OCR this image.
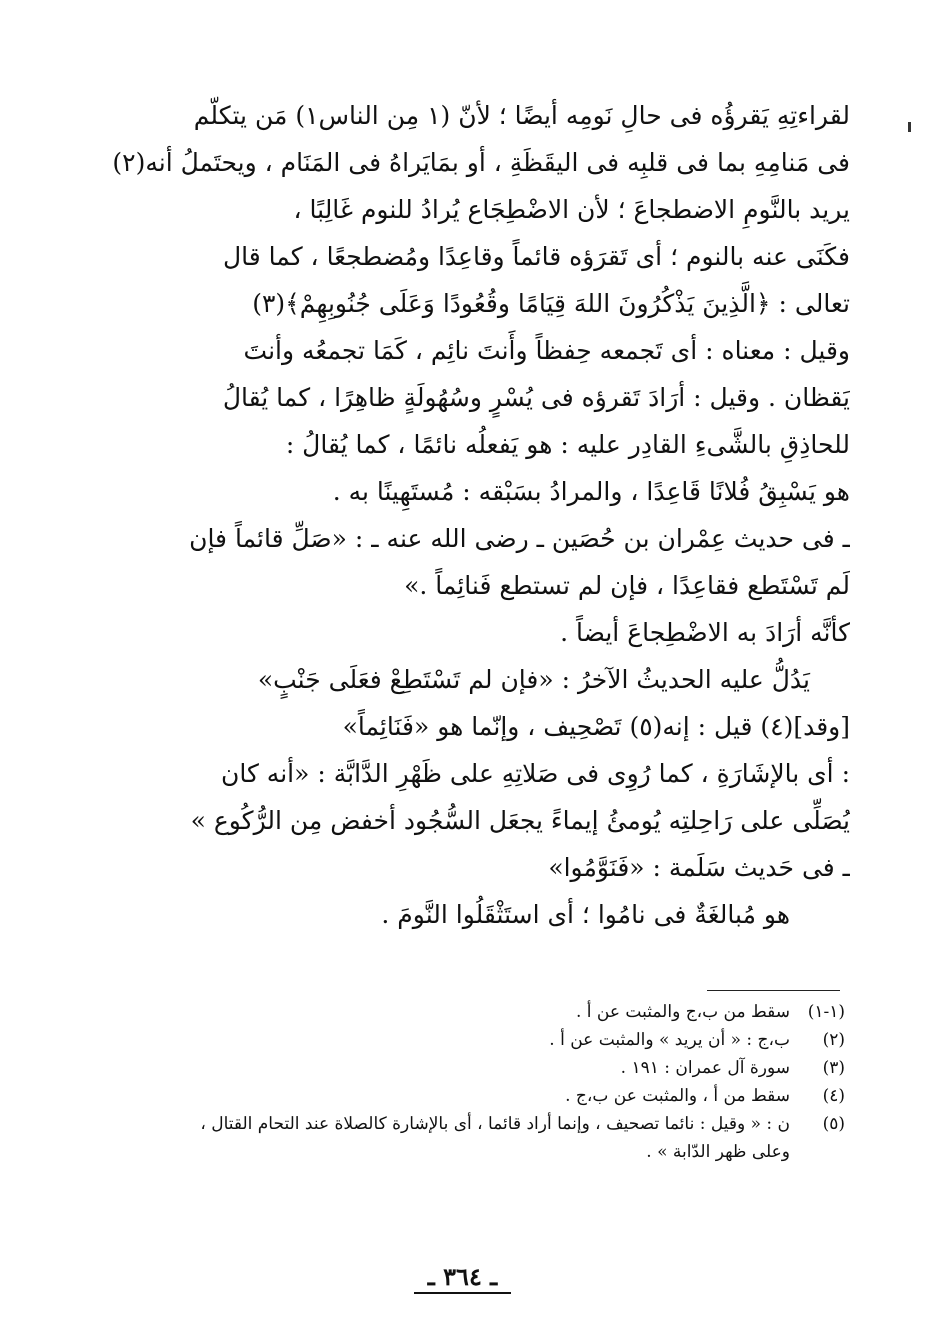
لقراءتِهِ يَقرؤُه فى حالِ نَومِه أيضًا ؛ لأنّ (١ مِن الناس١) مَن يتكلّم
فى مَنامِهِ بما فى قلبِه فى اليقَظَةِ ، أو بمَايَراهُ فى المَنَام ، ويحتَملُ أنه(٢)
يريد بالنَّومِ الاضطجاعَ ؛ لأن الاضْطِجَاع يُرادُ للنوم غَالِبًا ،
فكَنَى عنه بالنوم ؛ أى تَقرَؤه قائماً وقاعِدًا ومُضطجعًا ، كما قال
تعالى : ﴿الَّذِينَ يَذْكُرُونَ اللهَ قِيَامًا وقُعُودًا وَعَلَى جُنُوبِهِمْ﴾(٣)
وقيل : معناه : أى تَجمعه حِفظاً وأَنتَ نائِم ، كَمَا تجمعُه وأنتَ
يَقظان . وقيل : أرَادَ تَقرؤه فى يُسْرٍ وسُهُولَةٍ ظاهِرًا ، كما يُقالُ
للحاذِقِ بالشَّىءِ القادِر عليه : هو يَفعلُه نائمًا ، كما يُقالُ :
هو يَسْبِقُ فُلانًا قَاعِدًا ، والمرادُ بسَبْقه : مُستَهِينًا به .
ـ فى حديث عِمْران بن حُصَين ـ رضى الله عنه ـ : «صَلِّ قائماً فإن
لَم تَسْتَطع فقاعِدًا ، فإن لم تستطع فَنائِماً .»
كأنَّه أرَادَ به الاضْطِجاعَ أيضاً .
يَدُلُّ عليه الحديثُ الآخرُ : «فإن لم تَسْتَطِعْ فعَلَى جَنْبٍ»
[وقد](٤) قيل : إنه(٥) تَصْحِيف ، وإنّما هو «فَنَائِماً»
: أى بالإشَارَةِ ، كما رُوِى فى صَلاتِهِ على ظَهْرِ الدَّابَّة : «أنه كان
يُصَلِّى على رَاحِلتِه يُومئُ إيماءً يجعَل السُّجُود أخفض مِن الرُّكُوع »
ـ فى حَديث سَلَمة : «فَنَوَّمُوا»
هو مُبالغَةٌ فى نامُوا ؛ أى استَثْقَلُوا النَّومَ .
(١-١)
سقط من ب،ج والمثبت عن أ .
(٢)
ب،ج : « أن يريد » والمثبت عن أ .
(٣)
سورة آل عمران : ١٩١ .
(٤)
سقط من أ ، والمثبت عن ب،ج .
(٥)
ن : « وقيل : نائما تصحيف ، وإنما أراد قائما ، أى بالإشارة كالصلاة عند التحام القتال ،
وعلى ظهر الدّابة » .
ـ ٣٦٤ ـ
